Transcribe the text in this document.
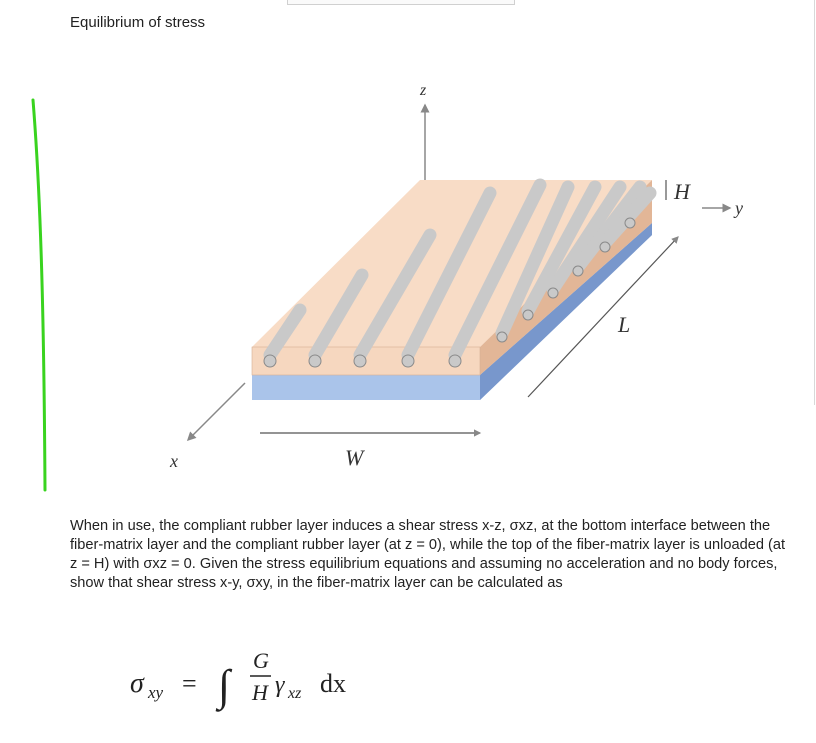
Equilibrium of stress
z
H
y
L
x	W
When in use, the compliant rubber layer induces a shear stress x-z, σxz, at the bottom interface between the fiber-matrix layer and the compliant rubber layer (at z = 0), while the top of the fiber-matrix layer is unloaded (at z = H) with σxz = 0. Given the stress equilibrium equations and assuming no acceleration and no body forces, show that shear stress x-y, σxy, in the fiber-matrix layer can be calculated as
σ xy = ∫
G
H γ xz dx
